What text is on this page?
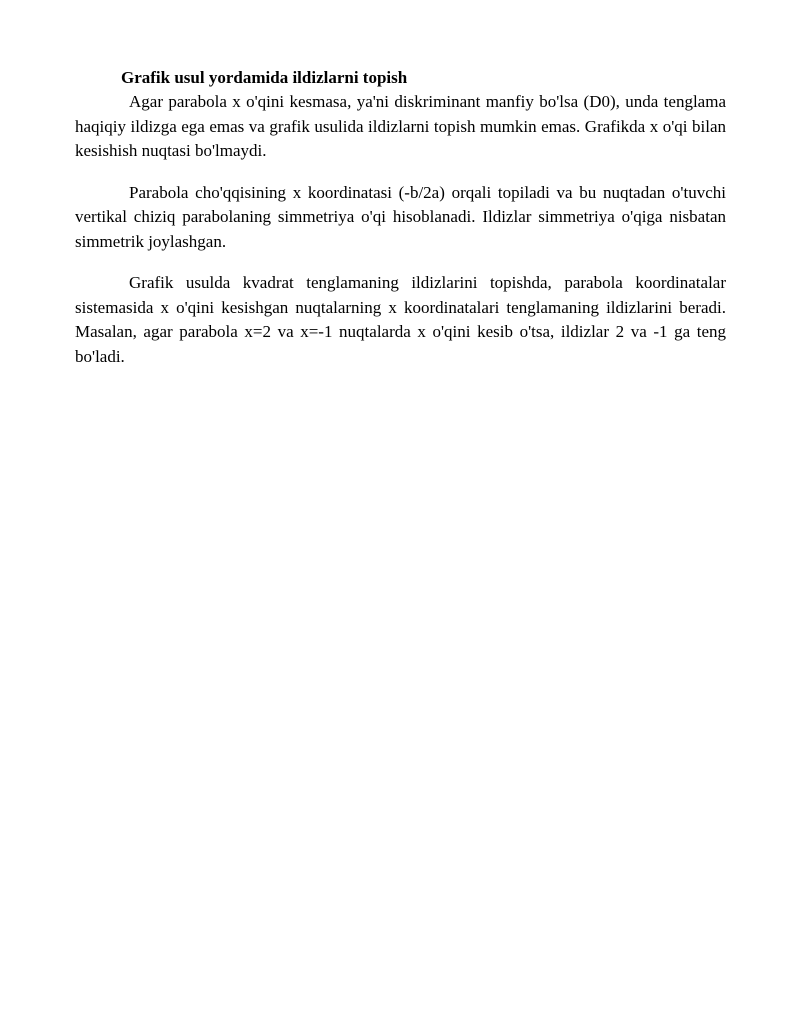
Grafik usul yordamida ildizlarni topish

Agar parabola x o'qini kesmasa, ya'ni diskriminant manfiy bo'lsa (D0), unda tenglama haqiqiy ildizga ega emas va grafik usulida ildizlarni topish mumkin emas. Grafikda x o'qi bilan kesishish nuqtasi bo'lmaydi.

Parabola cho'qqisining x koordinatasi (-b/2a) orqali topiladi va bu nuqtadan o'tuvchi vertikal chiziq parabolaning simmetriya o'qi hisoblanadi. Ildizlar simmetriya o'qiga nisbatan simmetrik joylashgan.

Grafik usulda kvadrat tenglamaning ildizlarini topishda, parabola koordinatalar sistemasida x o'qini kesishgan nuqtalarning x koordinatalari tenglamaning ildizlarini beradi. Masalan, agar parabola x=2 va x=-1 nuqtalarda x o'qini kesib o'tsa, ildizlar 2 va -1 ga teng bo'ladi.
